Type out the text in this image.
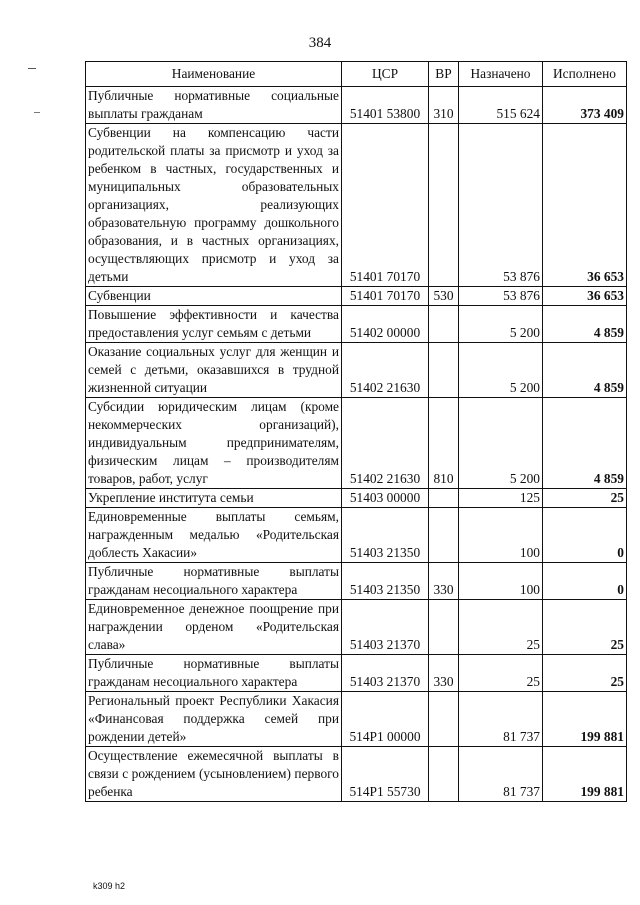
384
Наименование	ЦСР	ВР	Назначено	Исполнено
Публичные нормативные социальные выплаты гражданам	51401 53800	310	515 624	373 409
Субвенции на компенсацию части родительской платы за присмотр и уход за ребенком в частных, государственных и муниципальных образовательных организациях, реализующих образовательную программу дошкольного образования, и в частных организациях, осуществляющих присмотр и уход за детьми	51401 70170		53 876	36 653
Субвенции	51401 70170	530	53 876	36 653
Повышение эффективности и качества предоставления услуг семьям с детьми	51402 00000		5 200	4 859
Оказание социальных услуг для женщин и семей с детьми, оказавшихся в трудной жизненной ситуации	51402 21630		5 200	4 859
Субсидии юридическим лицам (кроме некоммерческих организаций), индивидуальным предпринимателям, физическим лицам – производителям товаров, работ, услуг	51402 21630	810	5 200	4 859
Укрепление института семьи	51403 00000		125	25
Единовременные выплаты семьям, награжденным медалью «Родительская доблесть Хакасии»	51403 21350		100	0
Публичные нормативные выплаты гражданам несоциального характера	51403 21350	330	100	0
Единовременное денежное поощрение при награждении орденом «Родительская слава»	51403 21370		25	25
Публичные нормативные выплаты гражданам несоциального характера	51403 21370	330	25	25
Региональный проект Республики Хакасия «Финансовая поддержка семей при рождении детей»	514P1 00000		81 737	199 881
Осуществление ежемесячной выплаты в связи с рождением (усыновлением) первого ребенка	514P1 55730		81 737	199 881
k309 h2
